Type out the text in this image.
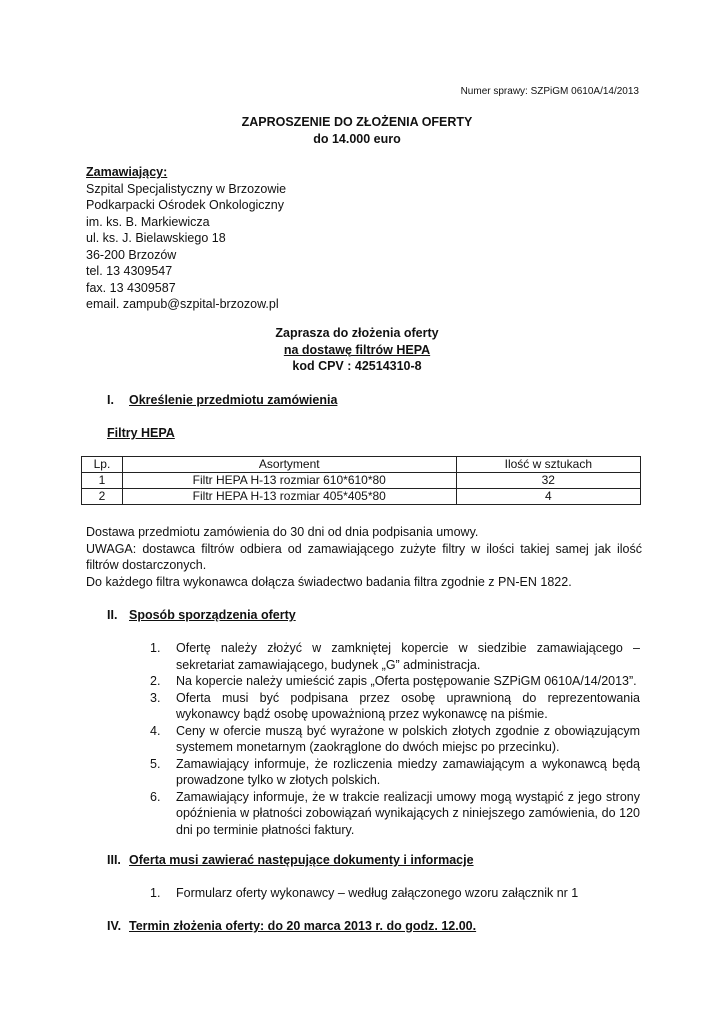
Numer sprawy: SZPiGM 0610A/14/2013
ZAPROSZENIE DO ZŁOŻENIA OFERTY
do 14.000 euro
Zamawiający:
Szpital Specjalistyczny w Brzozowie
Podkarpacki Ośrodek Onkologiczny
im. ks. B. Markiewicza
ul. ks. J. Bielawskiego 18
36-200 Brzozów
tel. 13 4309547
fax. 13 4309587
email. zampub@szpital-brzozow.pl
Zaprasza do złożenia oferty
na dostawę filtrów HEPA
kod CPV : 42514310-8
I. Określenie przedmiotu zamówienia
Filtry HEPA
Lp.	Asortyment	Ilość w sztukach
1	Filtr HEPA H-13 rozmiar 610*610*80	32
2	Filtr HEPA H-13 rozmiar 405*405*80	4
Dostawa przedmiotu zamówienia do 30 dni od dnia podpisania umowy.
UWAGA: dostawca filtrów odbiera od zamawiającego zużyte filtry w ilości takiej samej jak ilość filtrów dostarczonych.
Do każdego filtra wykonawca dołącza świadectwo badania filtra zgodnie z PN-EN 1822.
II. Sposób sporządzenia oferty
1.	Ofertę należy złożyć w zamkniętej kopercie w siedzibie zamawiającego – sekretariat zamawiającego, budynek „G” administracja.
2.	Na kopercie należy umieścić zapis „Oferta postępowanie SZPiGM 0610A/14/2013”.
3.	Oferta musi być podpisana przez osobę uprawnioną do reprezentowania wykonawcy bądź osobę upoważnioną przez wykonawcę na piśmie.
4.	Ceny w ofercie muszą być wyrażone w polskich złotych zgodnie z obowiązującym systemem monetarnym (zaokrąglone do dwóch miejsc po przecinku).
5.	Zamawiający informuje, że rozliczenia miedzy zamawiającym a wykonawcą będą prowadzone tylko w złotych polskich.
6.	Zamawiający informuje, że w trakcie realizacji umowy mogą wystąpić z jego strony opóźnienia w płatności zobowiązań wynikających z niniejszego zamówienia, do 120 dni po terminie płatności faktury.
III. Oferta musi zawierać następujące dokumenty i informacje
1.	Formularz oferty wykonawcy – według załączonego wzoru załącznik nr 1
IV. Termin złożenia oferty: do 20 marca 2013 r. do godz. 12.00.
